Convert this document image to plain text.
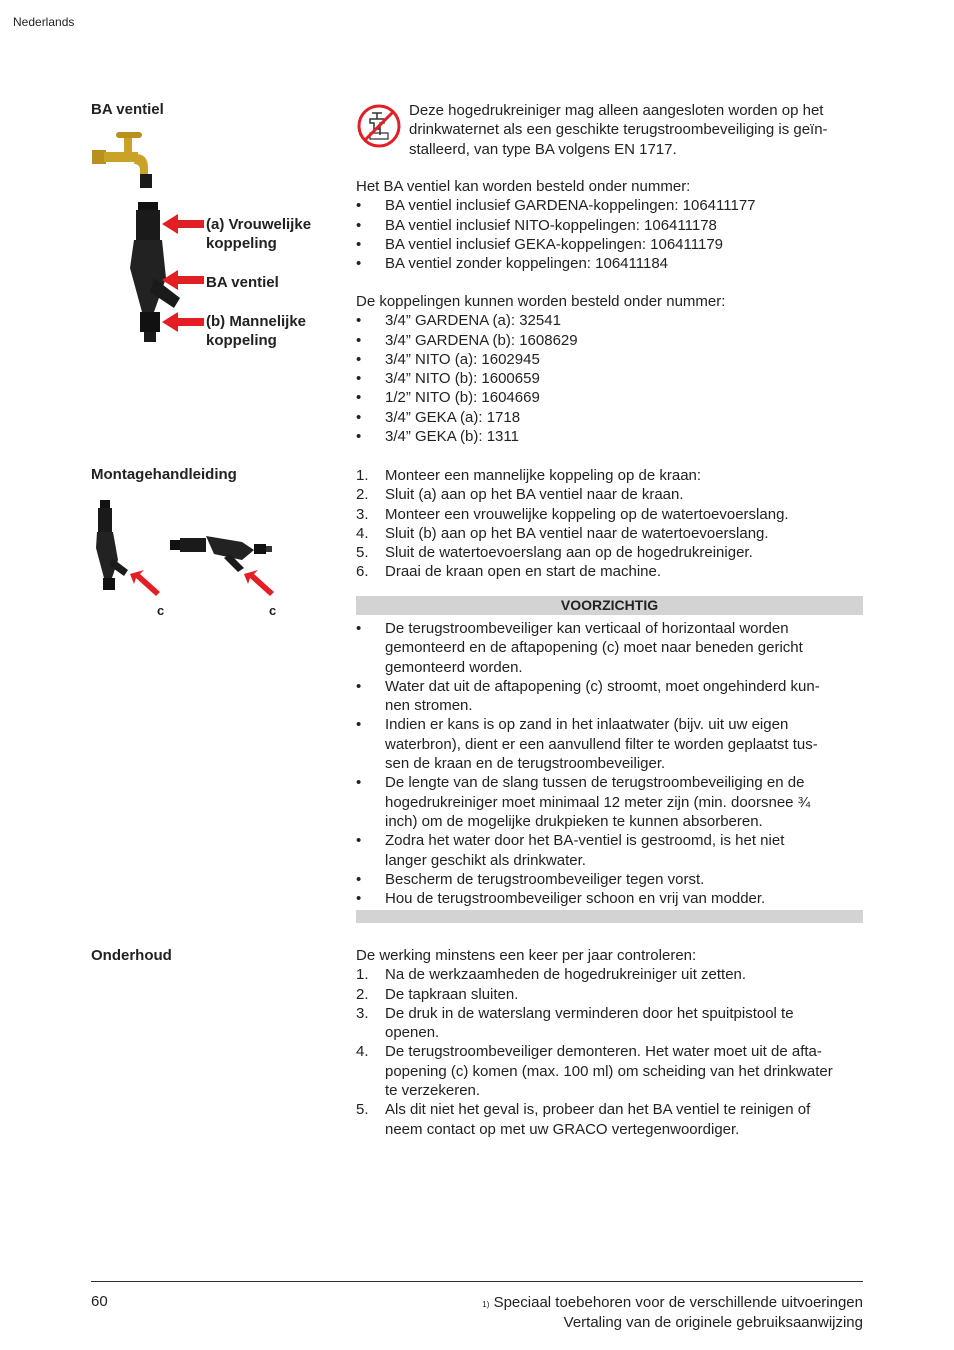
Nederlands
BA ventiel
(a) Vrouwelijke
koppeling
BA ventiel
(b) Mannelijke
koppeling
Deze hogedrukreiniger mag alleen aangesloten worden op het
drinkwaternet als een geschikte terugstroombeveiliging is geïn-
stalleerd, van type BA volgens EN 1717.
Het BA ventiel kan worden besteld onder nummer:
• BA ventiel inclusief GARDENA-koppelingen: 106411177
• BA ventiel inclusief NITO-koppelingen: 106411178
• BA ventiel inclusief GEKA-koppelingen: 106411179
• BA ventiel zonder koppelingen: 106411184
De koppelingen kunnen worden besteld onder nummer:
• 3/4” GARDENA (a): 32541
• 3/4” GARDENA (b): 1608629
• 3/4” NITO (a): 1602945
• 3/4” NITO (b): 1600659
• 1/2” NITO (b): 1604669
• 3/4” GEKA (a): 1718
• 3/4” GEKA (b): 1311
Montagehandleiding
c	c
1. Monteer een mannelijke koppeling op de kraan:
2. Sluit (a) aan op het BA ventiel naar de kraan.
3. Monteer een vrouwelijke koppeling op de watertoevoerslang.
4. Sluit (b) aan op het BA ventiel naar de watertoevoerslang.
5. Sluit de watertoevoerslang aan op de hogedrukreiniger.
6. Draai de kraan open en start de machine.
VOORZICHTIG
• De terugstroombeveiliger kan verticaal of horizontaal worden
gemonteerd en de aftapopening (c) moet naar beneden gericht
gemonteerd worden.
• Water dat uit de aftapopening (c) stroomt, moet ongehinderd kun-
nen stromen.
• Indien er kans is op zand in het inlaatwater (bijv. uit uw eigen
waterbron), dient er een aanvullend filter te worden geplaatst tus-
sen de kraan en de terugstroombeveiliger.
• De lengte van de slang tussen de terugstroombeveiliging en de
hogedrukreiniger moet minimaal 12 meter zijn (min. doorsnee ¾
inch) om de mogelijke drukpieken te kunnen absorberen.
• Zodra het water door het BA-ventiel is gestroomd, is het niet
langer geschikt als drinkwater.
• Bescherm de terugstroombeveiliger tegen vorst.
• Hou de terugstroombeveiliger schoon en vrij van modder.
Onderhoud	De werking minstens een keer per jaar controleren:
1. Na de werkzaamheden de hogedrukreiniger uit zetten.
2. De tapkraan sluiten.
3. De druk in de waterslang verminderen door het spuitpistool te
openen.
4. De terugstroombeveiliger demonteren. Het water moet uit de afta-
popening (c) komen (max. 100 ml) om scheiding van het drinkwater
te verzekeren.
5. Als dit niet het geval is, probeer dan het BA ventiel te reinigen of
neem contact op met uw GRACO vertegenwoordiger.
60	$^{1)}$ Speciaal toebehoren voor de verschillende uitvoeringen
Vertaling van de originele gebruiksaanwijzing
